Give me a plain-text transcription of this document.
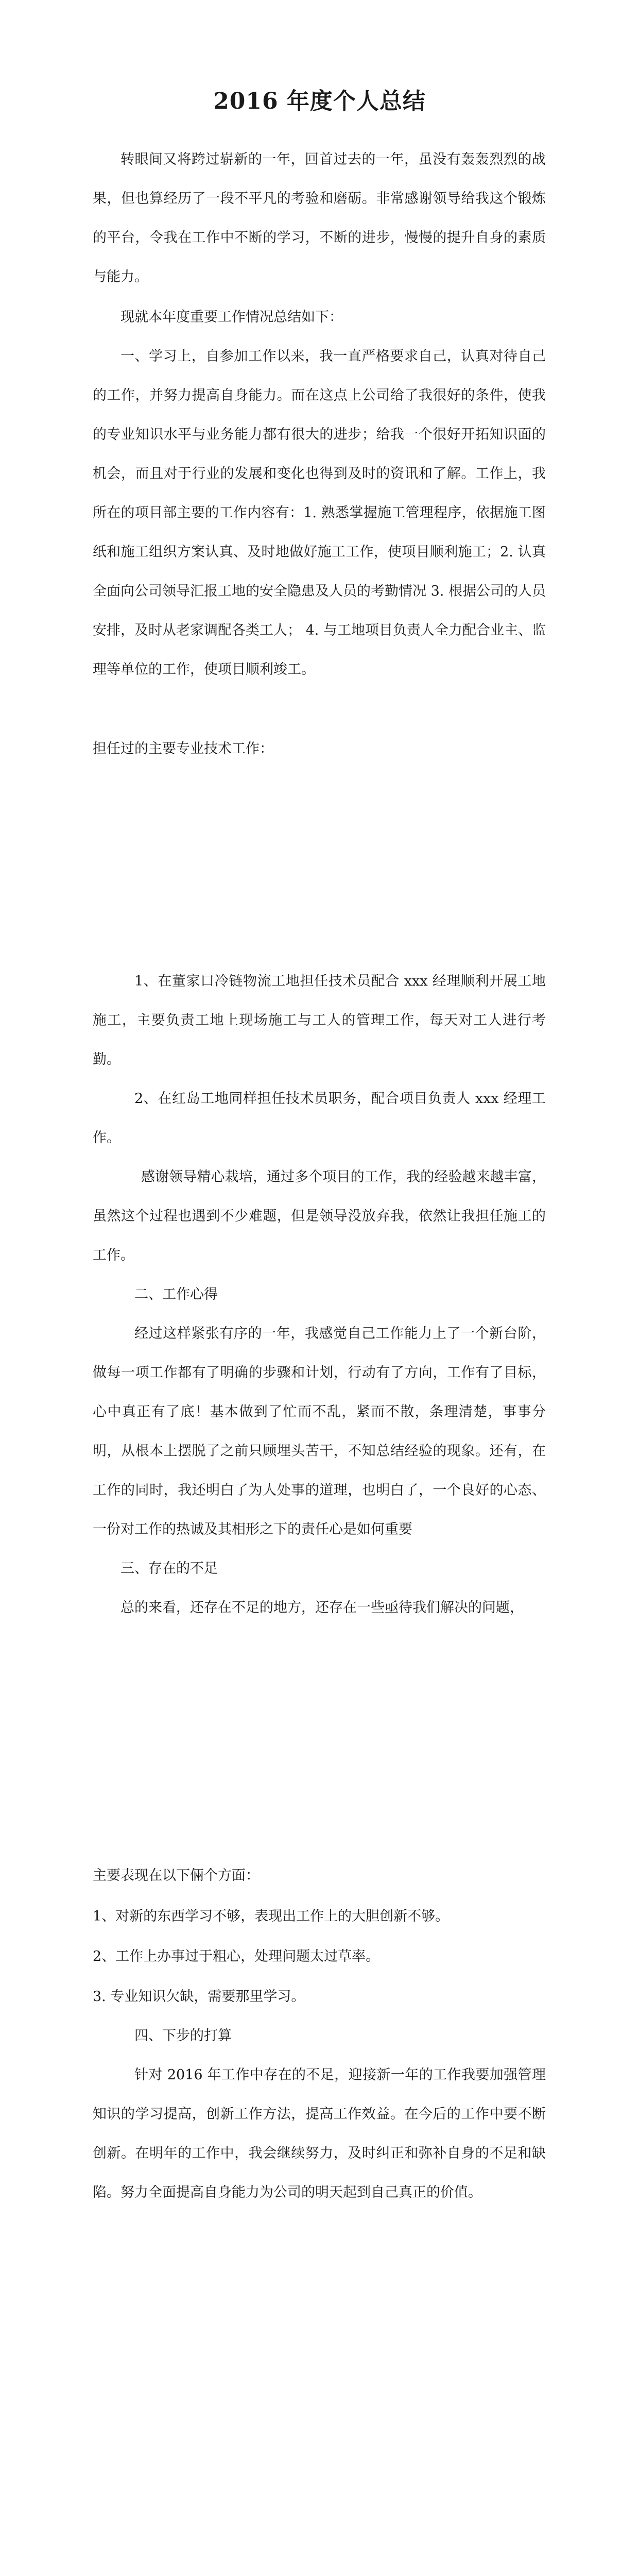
2016 年度个人总结

转眼间又将跨过崭新的一年，回首过去的一年，虽没有轰轰烈烈的战果，但也算经历了一段不平凡的考验和磨砺。非常感谢领导给我这个锻炼的平台，令我在工作中不断的学习，不断的进步，慢慢的提升自身的素质与能力。

现就本年度重要工作情况总结如下：

一、学习上，自参加工作以来，我一直严格要求自己，认真对待自己的工作，并努力提高自身能力。而在这点上公司给了我很好的条件，使我的专业知识水平与业务能力都有很大的进步；给我一个很好开拓知识面的机会，而且对于行业的发展和变化也得到及时的资讯和了解。工作上，我所在的项目部主要的工作内容有：1. 熟悉掌握施工管理程序，依据施工图纸和施工组织方案认真、及时地做好施工工作，使项目顺利施工；2. 认真全面向公司领导汇报工地的安全隐患及人员的考勤情况 3. 根据公司的人员安排，及时从老家调配各类工人； 4. 与工地项目负责人全力配合业主、监理等单位的工作，使项目顺利竣工。

担任过的主要专业技术工作：

1、在董家口冷链物流工地担任技术员配合 xxx 经理顺利开展工地施工，主要负责工地上现场施工与工人的管理工作，每天对工人进行考勤。

2、在红岛工地同样担任技术员职务，配合项目负责人 xxx 经理工作。

感谢领导精心栽培，通过多个项目的工作，我的经验越来越丰富，虽然这个过程也遇到不少难题，但是领导没放弃我，依然让我担任施工的工作。

二、工作心得

经过这样紧张有序的一年，我感觉自己工作能力上了一个新台阶，做每一项工作都有了明确的步骤和计划，行动有了方向，工作有了目标，心中真正有了底！基本做到了忙而不乱，紧而不散，条理清楚，事事分明，从根本上摆脱了之前只顾埋头苦干，不知总结经验的现象。还有，在工作的同时，我还明白了为人处事的道理，也明白了，一个良好的心态、一份对工作的热诚及其相形之下的责任心是如何重要

三、存在的不足

总的来看，还存在不足的地方，还存在一些亟待我们解决的问题，

主要表现在以下倆个方面：

1、对新的东西学习不够，表现出工作上的大胆创新不够。

2、工作上办事过于粗心，处理问题太过草率。

3. 专业知识欠缺，需要那里学习。

四、下步的打算

针对 2016 年工作中存在的不足，迎接新一年的工作我要加强管理知识的学习提高，创新工作方法，提高工作效益。在今后的工作中要不断创新。在明年的工作中，我会继续努力，及时纠正和弥补自身的不足和缺陷。努力全面提高自身能力为公司的明天起到自己真正的价值。
